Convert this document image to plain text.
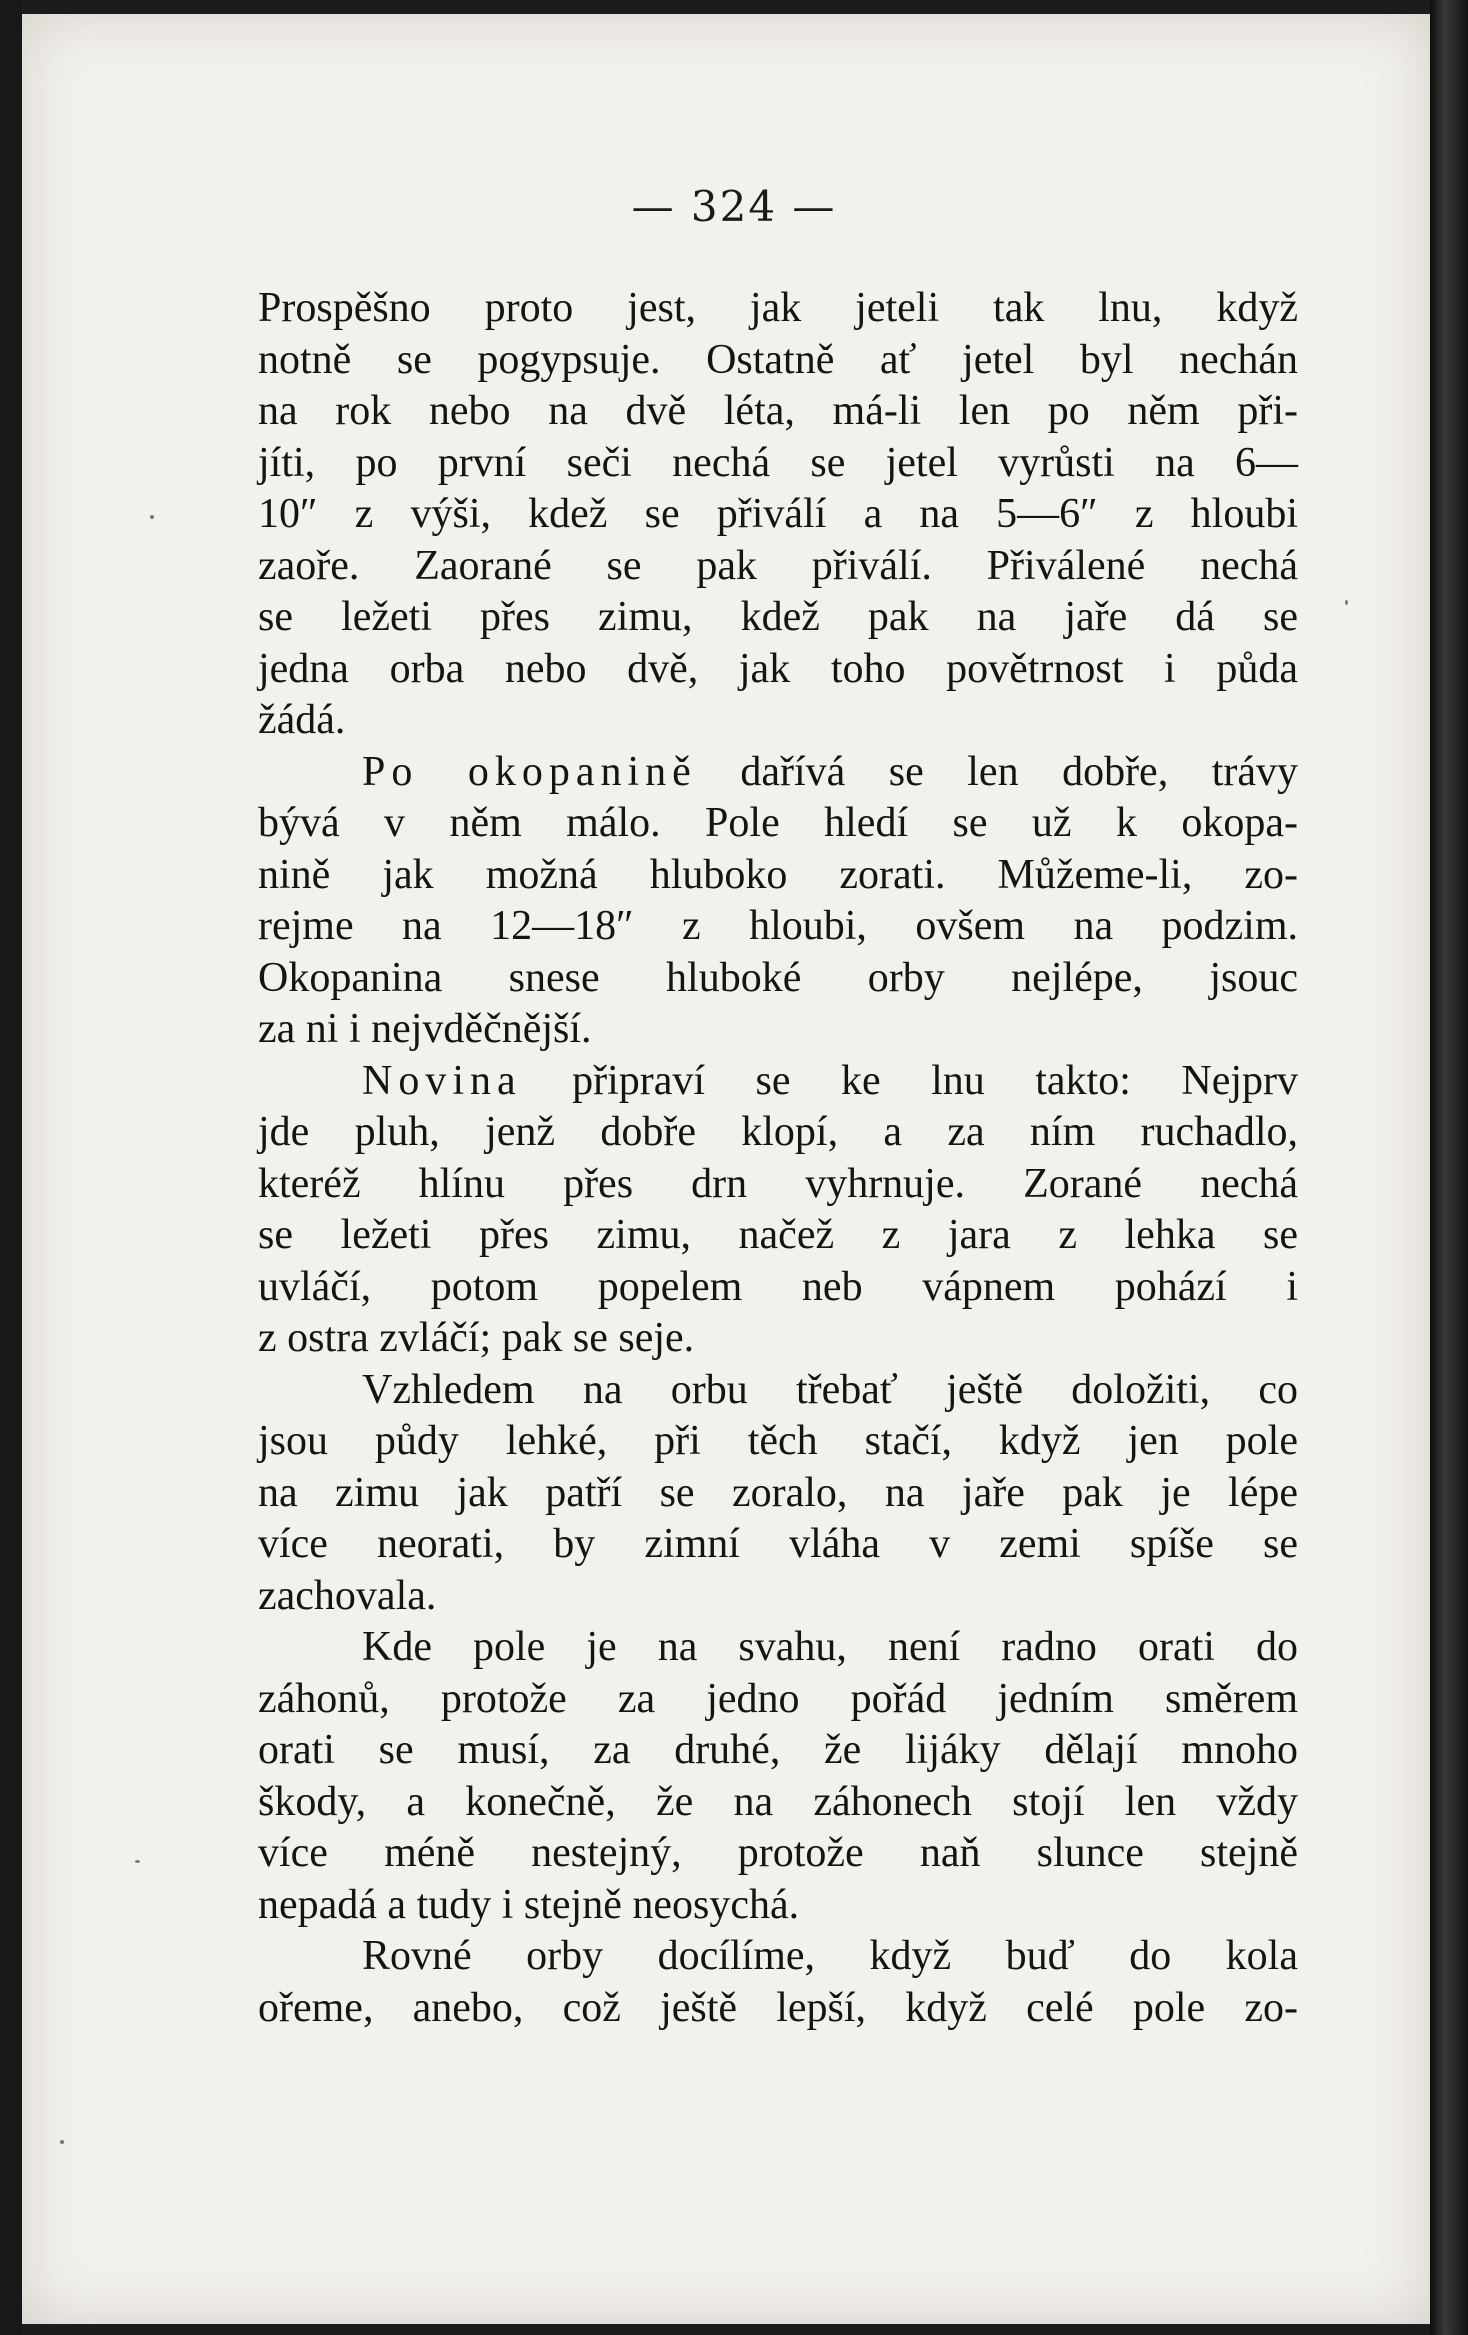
— 324 —
Prospěšno proto jest, jak jeteli tak lnu, když
notně se pogypsuje. Ostatně ať jetel byl nechán
na rok nebo na dvě léta, má-li len po něm při-
jíti, po první seči nechá se jetel vyrůsti na 6—
10″ z výši, kdež se přiválí a na 5—6″ z hloubi
zaoře. Zaorané se pak přiválí. Přiválené nechá
se ležeti přes zimu, kdež pak na jaře dá se
jedna orba nebo dvě, jak toho povětrnost i půda
žádá.
Po okopanině dařívá se len dobře, trávy
bývá v něm málo. Pole hledí se už k okopa-
nině jak možná hluboko zorati. Můžeme-li, zo-
rejme na 12—18″ z hloubi, ovšem na podzim.
Okopanina snese hluboké orby nejlépe, jsouc
za ni i nejvděčnější.
Novina připraví se ke lnu takto: Nejprv
jde pluh, jenž dobře klopí, a za ním ruchadlo,
kteréž hlínu přes drn vyhrnuje. Zorané nechá
se ležeti přes zimu, načež z jara z lehka se
uvláčí, potom popelem neb vápnem pohází i
z ostra zvláčí; pak se seje.
Vzhledem na orbu třebať ještě doložiti, co
jsou půdy lehké, při těch stačí, když jen pole
na zimu jak patří se zoralo, na jaře pak je lépe
více neorati, by zimní vláha v zemi spíše se
zachovala.
Kde pole je na svahu, není radno orati do
záhonů, protože za jedno pořád jedním směrem
orati se musí, za druhé, že lijáky dělají mnoho
škody, a konečně, že na záhonech stojí len vždy
více méně nestejný, protože naň slunce stejně
nepadá a tudy i stejně neosychá.
Rovné orby docílíme, když buď do kola
ořeme, anebo, což ještě lepší, když celé pole zo-
